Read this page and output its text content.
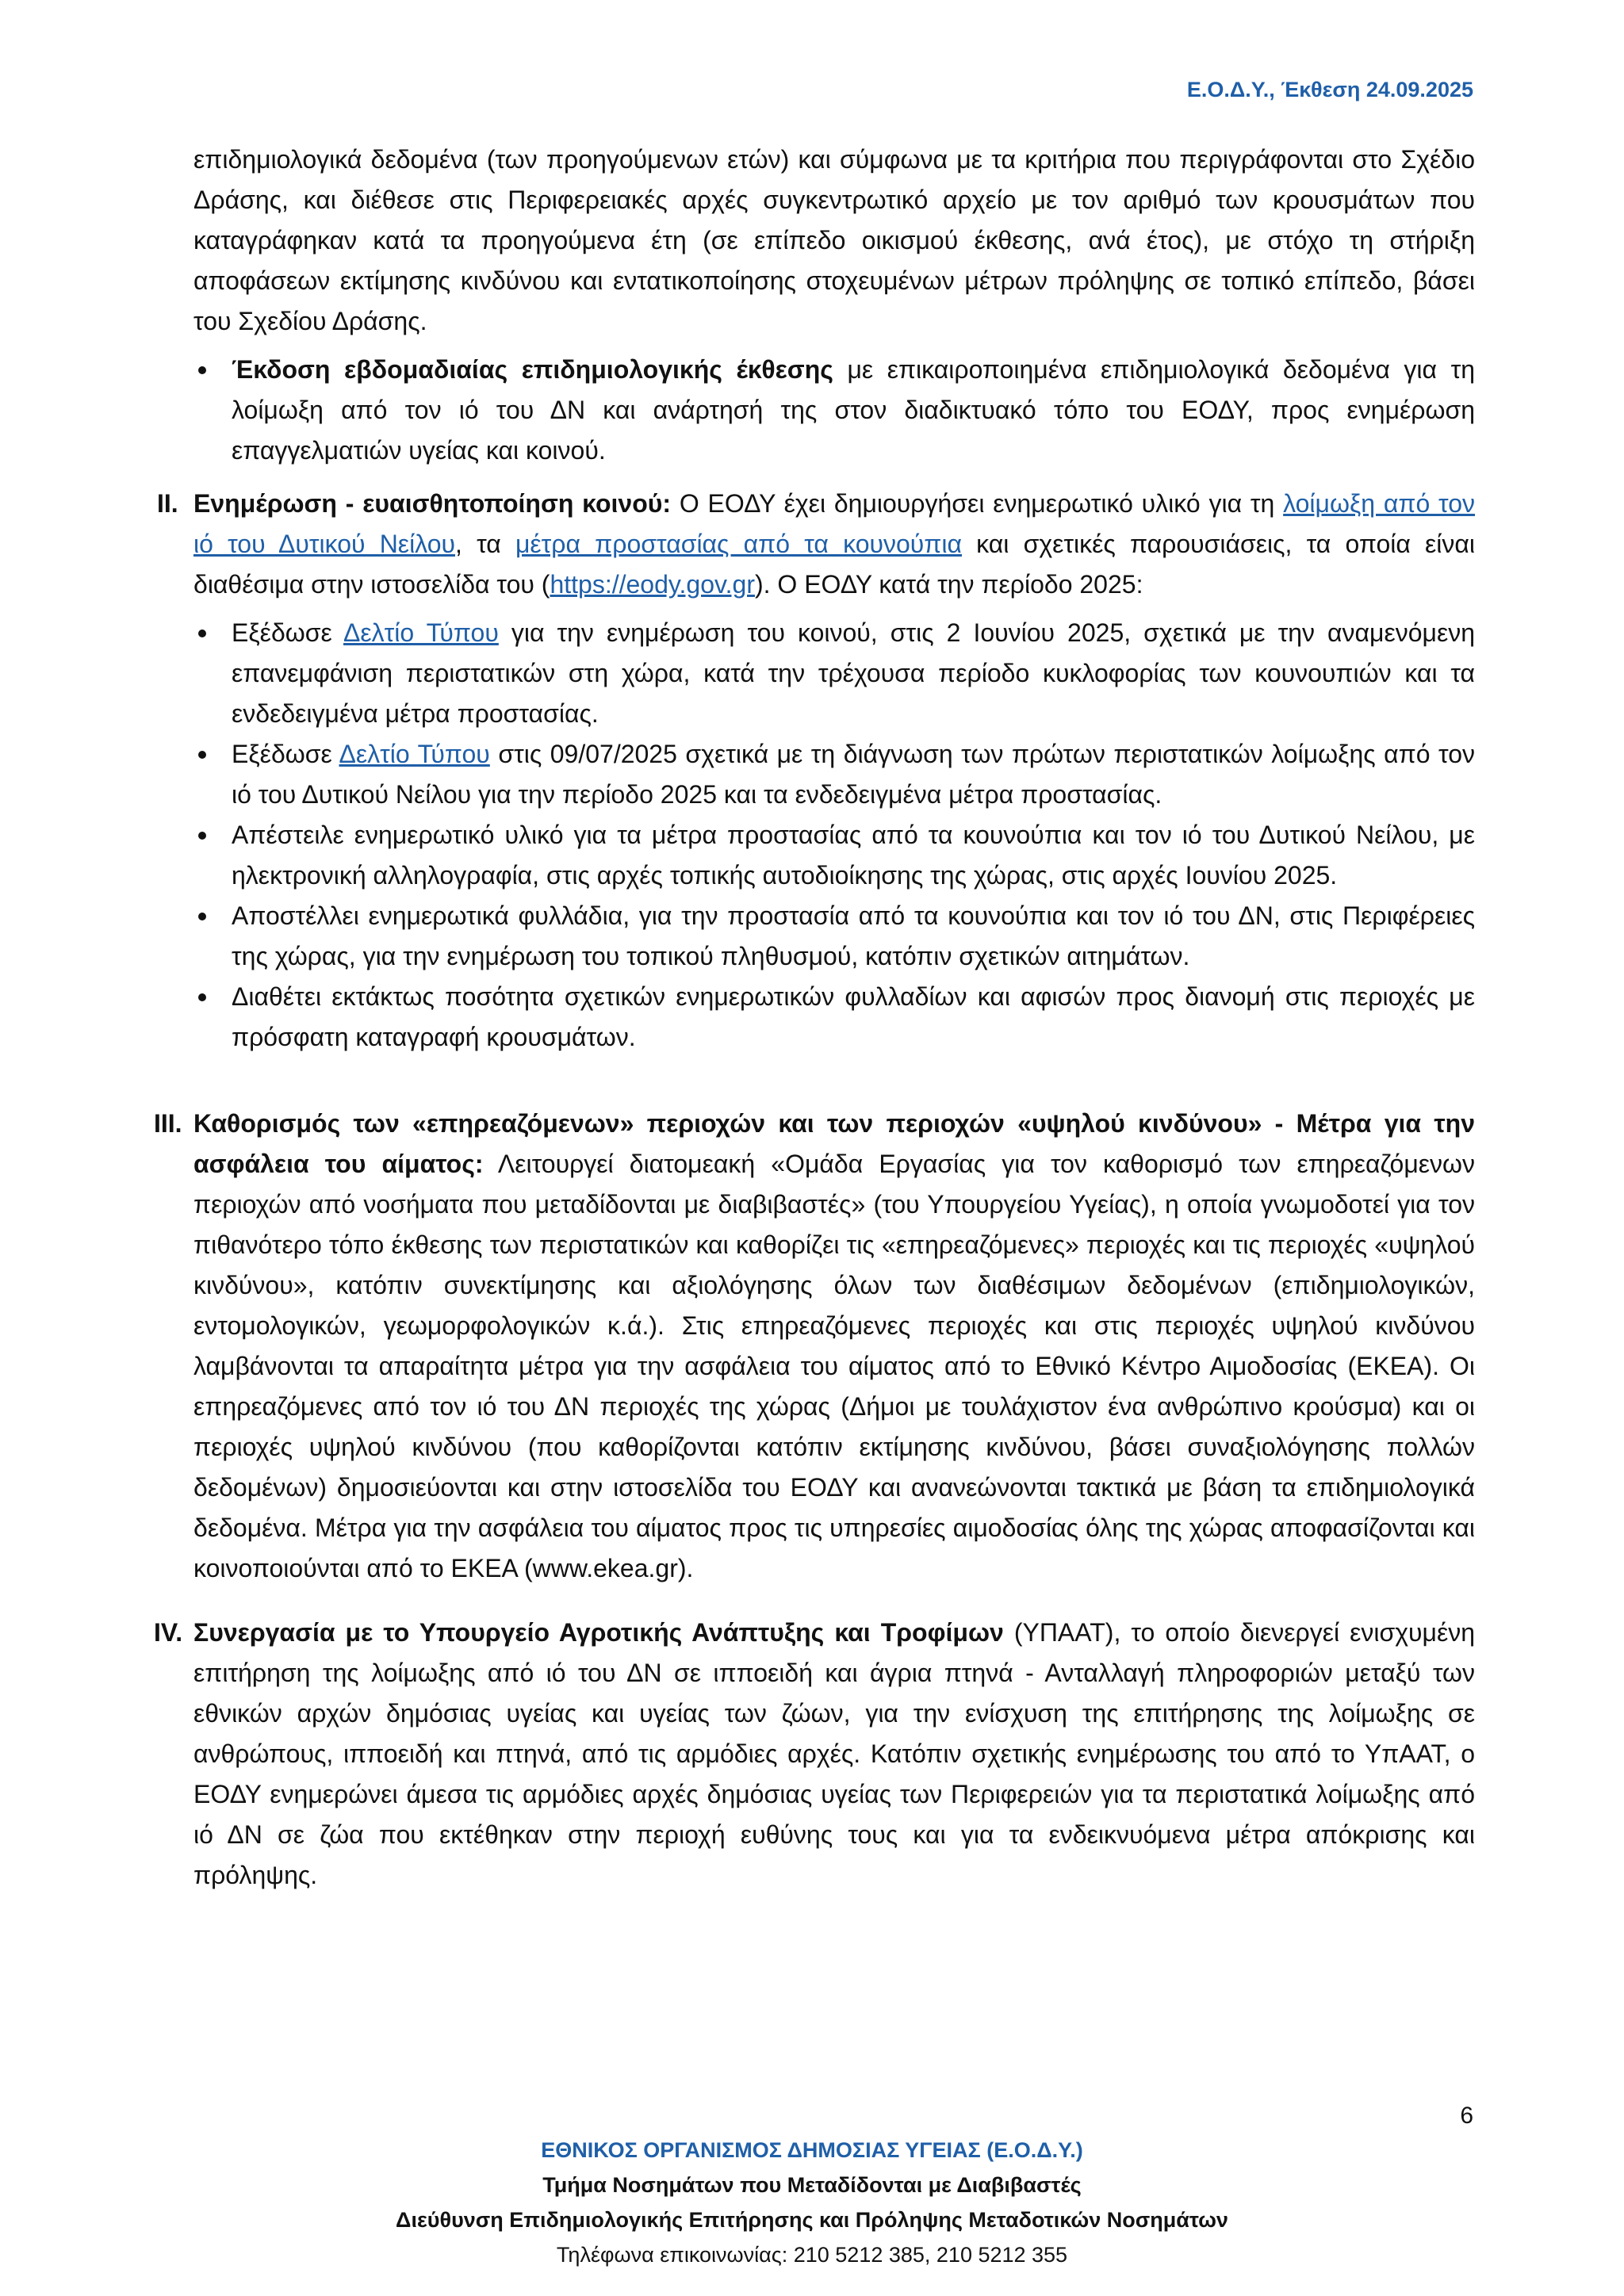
Ε.Ο.Δ.Υ., Έκθεση 24.09.2025

επιδημιολογικά δεδομένα (των προηγούμενων ετών) και σύμφωνα με τα κριτήρια που περιγράφονται στο Σχέδιο Δράσης, και διέθεσε στις Περιφερειακές αρχές συγκεντρωτικό αρχείο με τον αριθμό των κρουσμάτων που καταγράφηκαν κατά τα προηγούμενα έτη (σε επίπεδο οικισμού έκθεσης, ανά έτος), με στόχο τη στήριξη αποφάσεων εκτίμησης κινδύνου και εντατικοποίησης στοχευμένων μέτρων πρόληψης σε τοπικό επίπεδο, βάσει του Σχεδίου Δράσης.

Έκδοση εβδομαδιαίας επιδημιολογικής έκθεσης με επικαιροποιημένα επιδημιολογικά δεδομένα για τη λοίμωξη από τον ιό του ΔΝ και ανάρτησή της στον διαδικτυακό τόπο του ΕΟΔΥ, προς ενημέρωση επαγγελματιών υγείας και κοινού.
II. Ενημέρωση - ευαισθητοποίηση κοινού: Ο ΕΟΔΥ έχει δημιουργήσει ενημερωτικό υλικό για τη λοίμωξη από τον ιό του Δυτικού Νείλου, τα μέτρα προστασίας από τα κουνούπια και σχετικές παρουσιάσεις, τα οποία είναι διαθέσιμα στην ιστοσελίδα του (https://eody.gov.gr). Ο ΕΟΔΥ κατά την περίοδο 2025:

Εξέδωσε Δελτίο Τύπου για την ενημέρωση του κοινού, στις 2 Ιουνίου 2025, σχετικά με την αναμενόμενη επανεμφάνιση περιστατικών στη χώρα, κατά την τρέχουσα περίοδο κυκλοφορίας των κουνουπιών και τα ενδεδειγμένα μέτρα προστασίας.
Εξέδωσε Δελτίο Τύπου στις 09/07/2025 σχετικά με τη διάγνωση των πρώτων περιστατικών λοίμωξης από τον ιό του Δυτικού Νείλου για την περίοδο 2025 και τα ενδεδειγμένα μέτρα προστασίας.
Απέστειλε ενημερωτικό υλικό για τα μέτρα προστασίας από τα κουνούπια και τον ιό του Δυτικού Νείλου, με ηλεκτρονική αλληλογραφία, στις αρχές τοπικής αυτοδιοίκησης της χώρας, στις αρχές Ιουνίου 2025.
Αποστέλλει ενημερωτικά φυλλάδια, για την προστασία από τα κουνούπια και τον ιό του ΔΝ, στις Περιφέρειες της χώρας, για την ενημέρωση του τοπικού πληθυσμού, κατόπιν σχετικών αιτημάτων.
Διαθέτει εκτάκτως ποσότητα σχετικών ενημερωτικών φυλλαδίων και αφισών προς διανομή στις περιοχές με πρόσφατη καταγραφή κρουσμάτων.
III. Καθορισμός των «επηρεαζόμενων» περιοχών και των περιοχών «υψηλού κινδύνου» - Μέτρα για την ασφάλεια του αίματος: Λειτουργεί διατομεακή «Ομάδα Εργασίας για τον καθορισμό των επηρεαζόμενων περιοχών από νοσήματα που μεταδίδονται με διαβιβαστές» (του Υπουργείου Υγείας), η οποία γνωμοδοτεί για τον πιθανότερο τόπο έκθεσης των περιστατικών και καθορίζει τις «επηρεαζόμενες» περιοχές και τις περιοχές «υψηλού κινδύνου», κατόπιν συνεκτίμησης και αξιολόγησης όλων των διαθέσιμων δεδομένων (επιδημιολογικών, εντομολογικών, γεωμορφολογικών κ.ά.). Στις επηρεαζόμενες περιοχές και στις περιοχές υψηλού κινδύνου λαμβάνονται τα απαραίτητα μέτρα για την ασφάλεια του αίματος από το Εθνικό Κέντρο Αιμοδοσίας (ΕΚΕΑ). Οι επηρεαζόμενες από τον ιό του ΔΝ περιοχές της χώρας (Δήμοι με τουλάχιστον ένα ανθρώπινο κρούσμα) και οι περιοχές υψηλού κινδύνου (που καθορίζονται κατόπιν εκτίμησης κινδύνου, βάσει συναξιολόγησης πολλών δεδομένων) δημοσιεύονται και στην ιστοσελίδα του ΕΟΔΥ και ανανεώνονται τακτικά με βάση τα επιδημιολογικά δεδομένα. Μέτρα για την ασφάλεια του αίματος προς τις υπηρεσίες αιμοδοσίας όλης της χώρας αποφασίζονται και κοινοποιούνται από το ΕΚΕΑ (www.ekea.gr).

IV. Συνεργασία με το Υπουργείο Αγροτικής Ανάπτυξης και Τροφίμων (ΥΠΑΑΤ), το οποίο διενεργεί ενισχυμένη επιτήρηση της λοίμωξης από ιό του ΔΝ σε ιπποειδή και άγρια πτηνά - Ανταλλαγή πληροφοριών μεταξύ των εθνικών αρχών δημόσιας υγείας και υγείας των ζώων, για την ενίσχυση της επιτήρησης της λοίμωξης σε ανθρώπους, ιπποειδή και πτηνά, από τις αρμόδιες αρχές. Κατόπιν σχετικής ενημέρωσης του από το ΥπΑΑΤ, ο ΕΟΔΥ ενημερώνει άμεσα τις αρμόδιες αρχές δημόσιας υγείας των Περιφερειών για τα περιστατικά λοίμωξης από ιό ΔΝ σε ζώα που εκτέθηκαν στην περιοχή ευθύνης τους και για τα ενδεικνυόμενα μέτρα απόκρισης και πρόληψης.

6
ΕΘΝΙΚΟΣ ΟΡΓΑΝΙΣΜΟΣ ΔΗΜΟΣΙΑΣ ΥΓΕΙΑΣ (Ε.Ο.Δ.Υ.)
Τμήμα Νοσημάτων που Μεταδίδονται με Διαβιβαστές
Διεύθυνση Επιδημιολογικής Επιτήρησης και Πρόληψης Μεταδοτικών Νοσημάτων
Τηλέφωνα επικοινωνίας: 210 5212 385, 210 5212 355
